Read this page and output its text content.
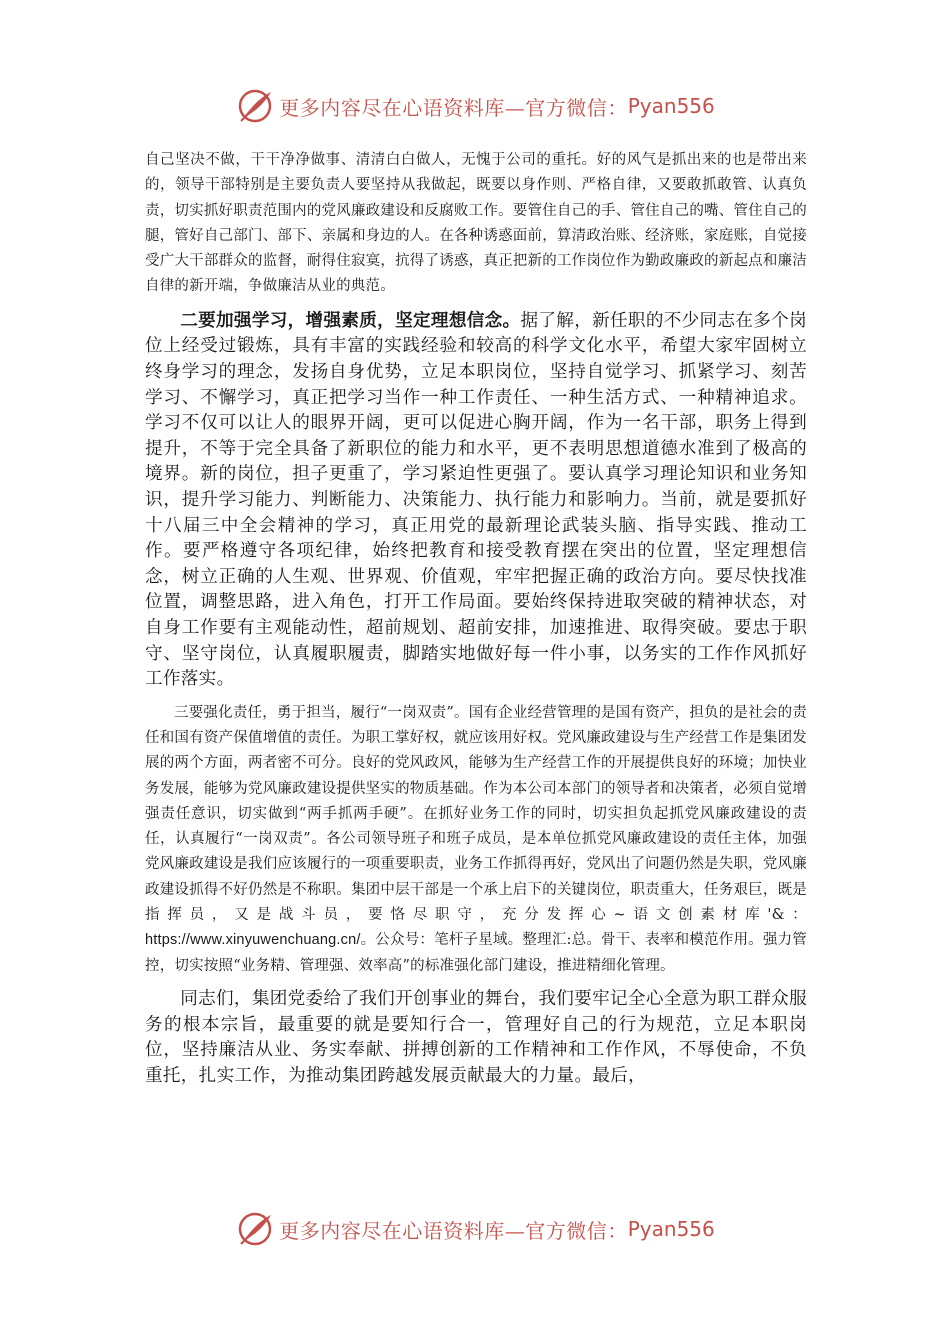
更多内容尽在心语资料库—官方微信： Pyan556

自己坚决不做，干干净净做事、清清白白做人，无愧于公司的重托。好的风气是抓出来的也是带出来的，领导干部特别是主要负责人要坚持从我做起，既要以身作则、严格自律，又要敢抓敢管、认真负责，切实抓好职责范围内的党风廉政建设和反腐败工作。要管住自己的手、管住自己的嘴、管住自己的腿，管好自己部门、部下、亲属和身边的人。在各种诱惑面前，算清政治账、经济账，家庭账，自觉接受广大干部群众的监督，耐得住寂寞，抗得了诱惑，真正把新的工作岗位作为勤政廉政的新起点和廉洁自律的新开端，争做廉洁从业的典范。

二要加强学习，增强素质，坚定理想信念。据了解，新任职的不少同志在多个岗位上经受过锻炼，具有丰富的实践经验和较高的科学文化水平，希望大家牢固树立终身学习的理念，发扬自身优势，立足本职岗位，坚持自觉学习、抓紧学习、刻苦学习、不懈学习，真正把学习当作一种工作责任、一种生活方式、一种精神追求。学习不仅可以让人的眼界开阔，更可以促进心胸开阔，作为一名干部，职务上得到提升，不等于完全具备了新职位的能力和水平，更不表明思想道德水准到了极高的境界。新的岗位，担子更重了，学习紧迫性更强了。要认真学习理论知识和业务知识，提升学习能力、判断能力、决策能力、执行能力和影响力。当前，就是要抓好十八届三中全会精神的学习，真正用党的最新理论武装头脑、指导实践、推动工作。要严格遵守各项纪律，始终把教育和接受教育摆在突出的位置，坚定理想信念，树立正确的人生观、世界观、价值观，牢牢把握正确的政治方向。要尽快找准位置，调整思路，进入角色，打开工作局面。要始终保持进取突破的精神状态，对自身工作要有主观能动性，超前规划、超前安排，加速推进、取得突破。要忠于职守、坚守岗位，认真履职履责，脚踏实地做好每一件小事，以务实的工作作风抓好工作落实。

三要强化责任，勇于担当，履行“一岗双责”。国有企业经营管理的是国有资产，担负的是社会的责任和国有资产保值增值的责任。为职工掌好权，就应该用好权。党风廉政建设与生产经营工作是集团发展的两个方面，两者密不可分。良好的党风政风，能够为生产经营工作的开展提供良好的环境；加快业务发展，能够为党风廉政建设提供坚实的物质基础。作为本公司本部门的领导者和决策者，必须自觉增强责任意识，切实做到“两手抓两手硬”。在抓好业务工作的同时，切实担负起抓党风廉政建设的责任，认真履行“一岗双责”。各公司领导班子和班子成员，是本单位抓党风廉政建设的责任主体，加强党风廉政建设是我们应该履行的一项重要职责，业务工作抓得再好，党风出了问题仍然是失职，党风廉政建设抓得不好仍然是不称职。集团中层干部是一个承上启下的关键岗位，职责重大，任务艰巨，既是指挥员，又是战斗员，要恪尽职守，充分发挥心~语文创素材库'&：https://www.xinyuwenchuang.cn/。公众号：笔杆子星域。整理汇:总。骨干、表率和模范作用。强力管控，切实按照“业务精、管理强、效率高”的标准强化部门建设，推进精细化管理。

同志们，集团党委给了我们开创事业的舞台，我们要牢记全心全意为职工群众服务的根本宗旨，最重要的就是要知行合一，管理好自己的行为规范，立足本职岗位，坚持廉洁从业、务实奉献、拼搏创新的工作精神和工作作风，不辱使命，不负重托，扎实工作，为推动集团跨越发展贡献最大的力量。最后，

更多内容尽在心语资料库—官方微信： Pyan556
